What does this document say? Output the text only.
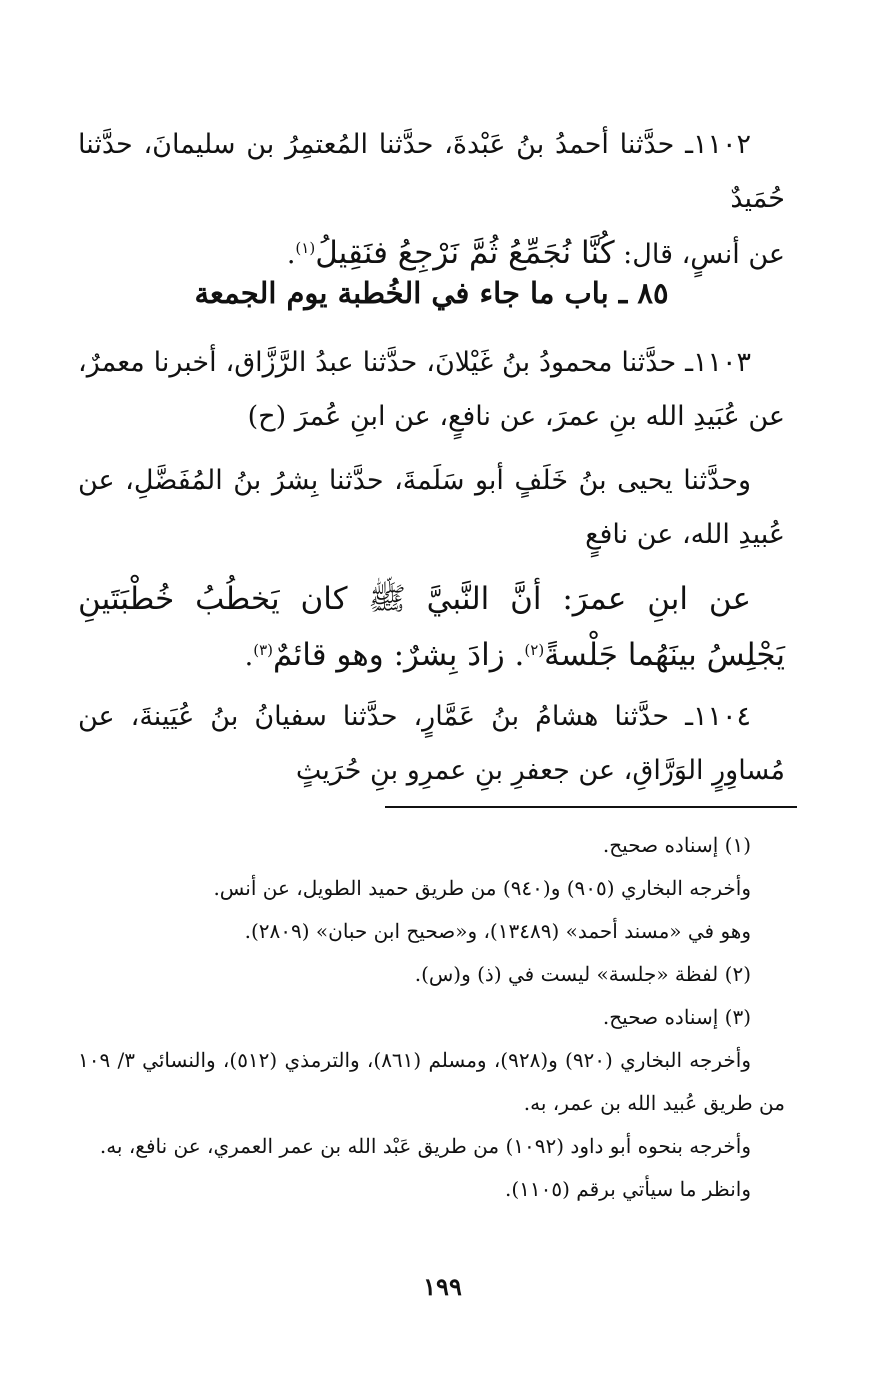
١١٠٢ـ حدَّثنا أحمدُ بنُ عَبْدةَ، حدَّثنا المُعتمِرُ بن سليمانَ، حدَّثنا حُمَيدٌ
عن أنسٍ، قال: كُنَّا نُجَمِّعُ ثُمَّ نَرْجِعُ فنَقِيلُ$^{(١)}$.
٨٥ ـ باب ما جاء في الخُطبة يوم الجمعة
١١٠٣ـ حدَّثنا محمودُ بنُ غَيْلانَ، حدَّثنا عبدُ الرَّزَّاق، أخبرنا معمرٌ، عن عُبَيدِ الله بنِ عمرَ، عن نافعٍ، عن ابنِ عُمرَ (ح)
وحدَّثنا يحيى بنُ خَلَفٍ أبو سَلَمةَ، حدَّثنا بِشرُ بنُ المُفَضَّلِ، عن عُبيدِ الله، عن نافعٍ
عن ابنِ عمرَ: أنَّ النَّبيَّ ﷺ كان يَخطُبُ خُطْبَتَينِ يَجْلِسُ بينَهُما جَلْسةً$^{(٢)}$. زادَ بِشرٌ: وهو قائمٌ$^{(٣)}$.
١١٠٤ـ حدَّثنا هشامُ بنُ عَمَّارٍ، حدَّثنا سفيانُ بنُ عُيَينةَ، عن مُساوِرٍ الوَرَّاقِ، عن جعفرِ بنِ عمرِو بنِ حُرَيثٍ
(١) إسناده صحيح.
وأخرجه البخاري (٩٠٥) و(٩٤٠) من طريق حميد الطويل، عن أنس.
وهو في «مسند أحمد» (١٣٤٨٩)، و«صحيح ابن حبان» (٢٨٠٩).
(٢) لفظة «جلسة» ليست في (ذ) و(س).
(٣) إسناده صحيح.
وأخرجه البخاري (٩٢٠) و(٩٢٨)، ومسلم (٨٦١)، والترمذي (٥١٢)، والنسائي ٣/ ١٠٩ من طريق عُبيد الله بن عمر، به.
وأخرجه بنحوه أبو داود (١٠٩٢) من طريق عَبْد الله بن عمر العمري، عن نافع، به.
وانظر ما سيأتي برقم (١١٠٥).
١٩٩
